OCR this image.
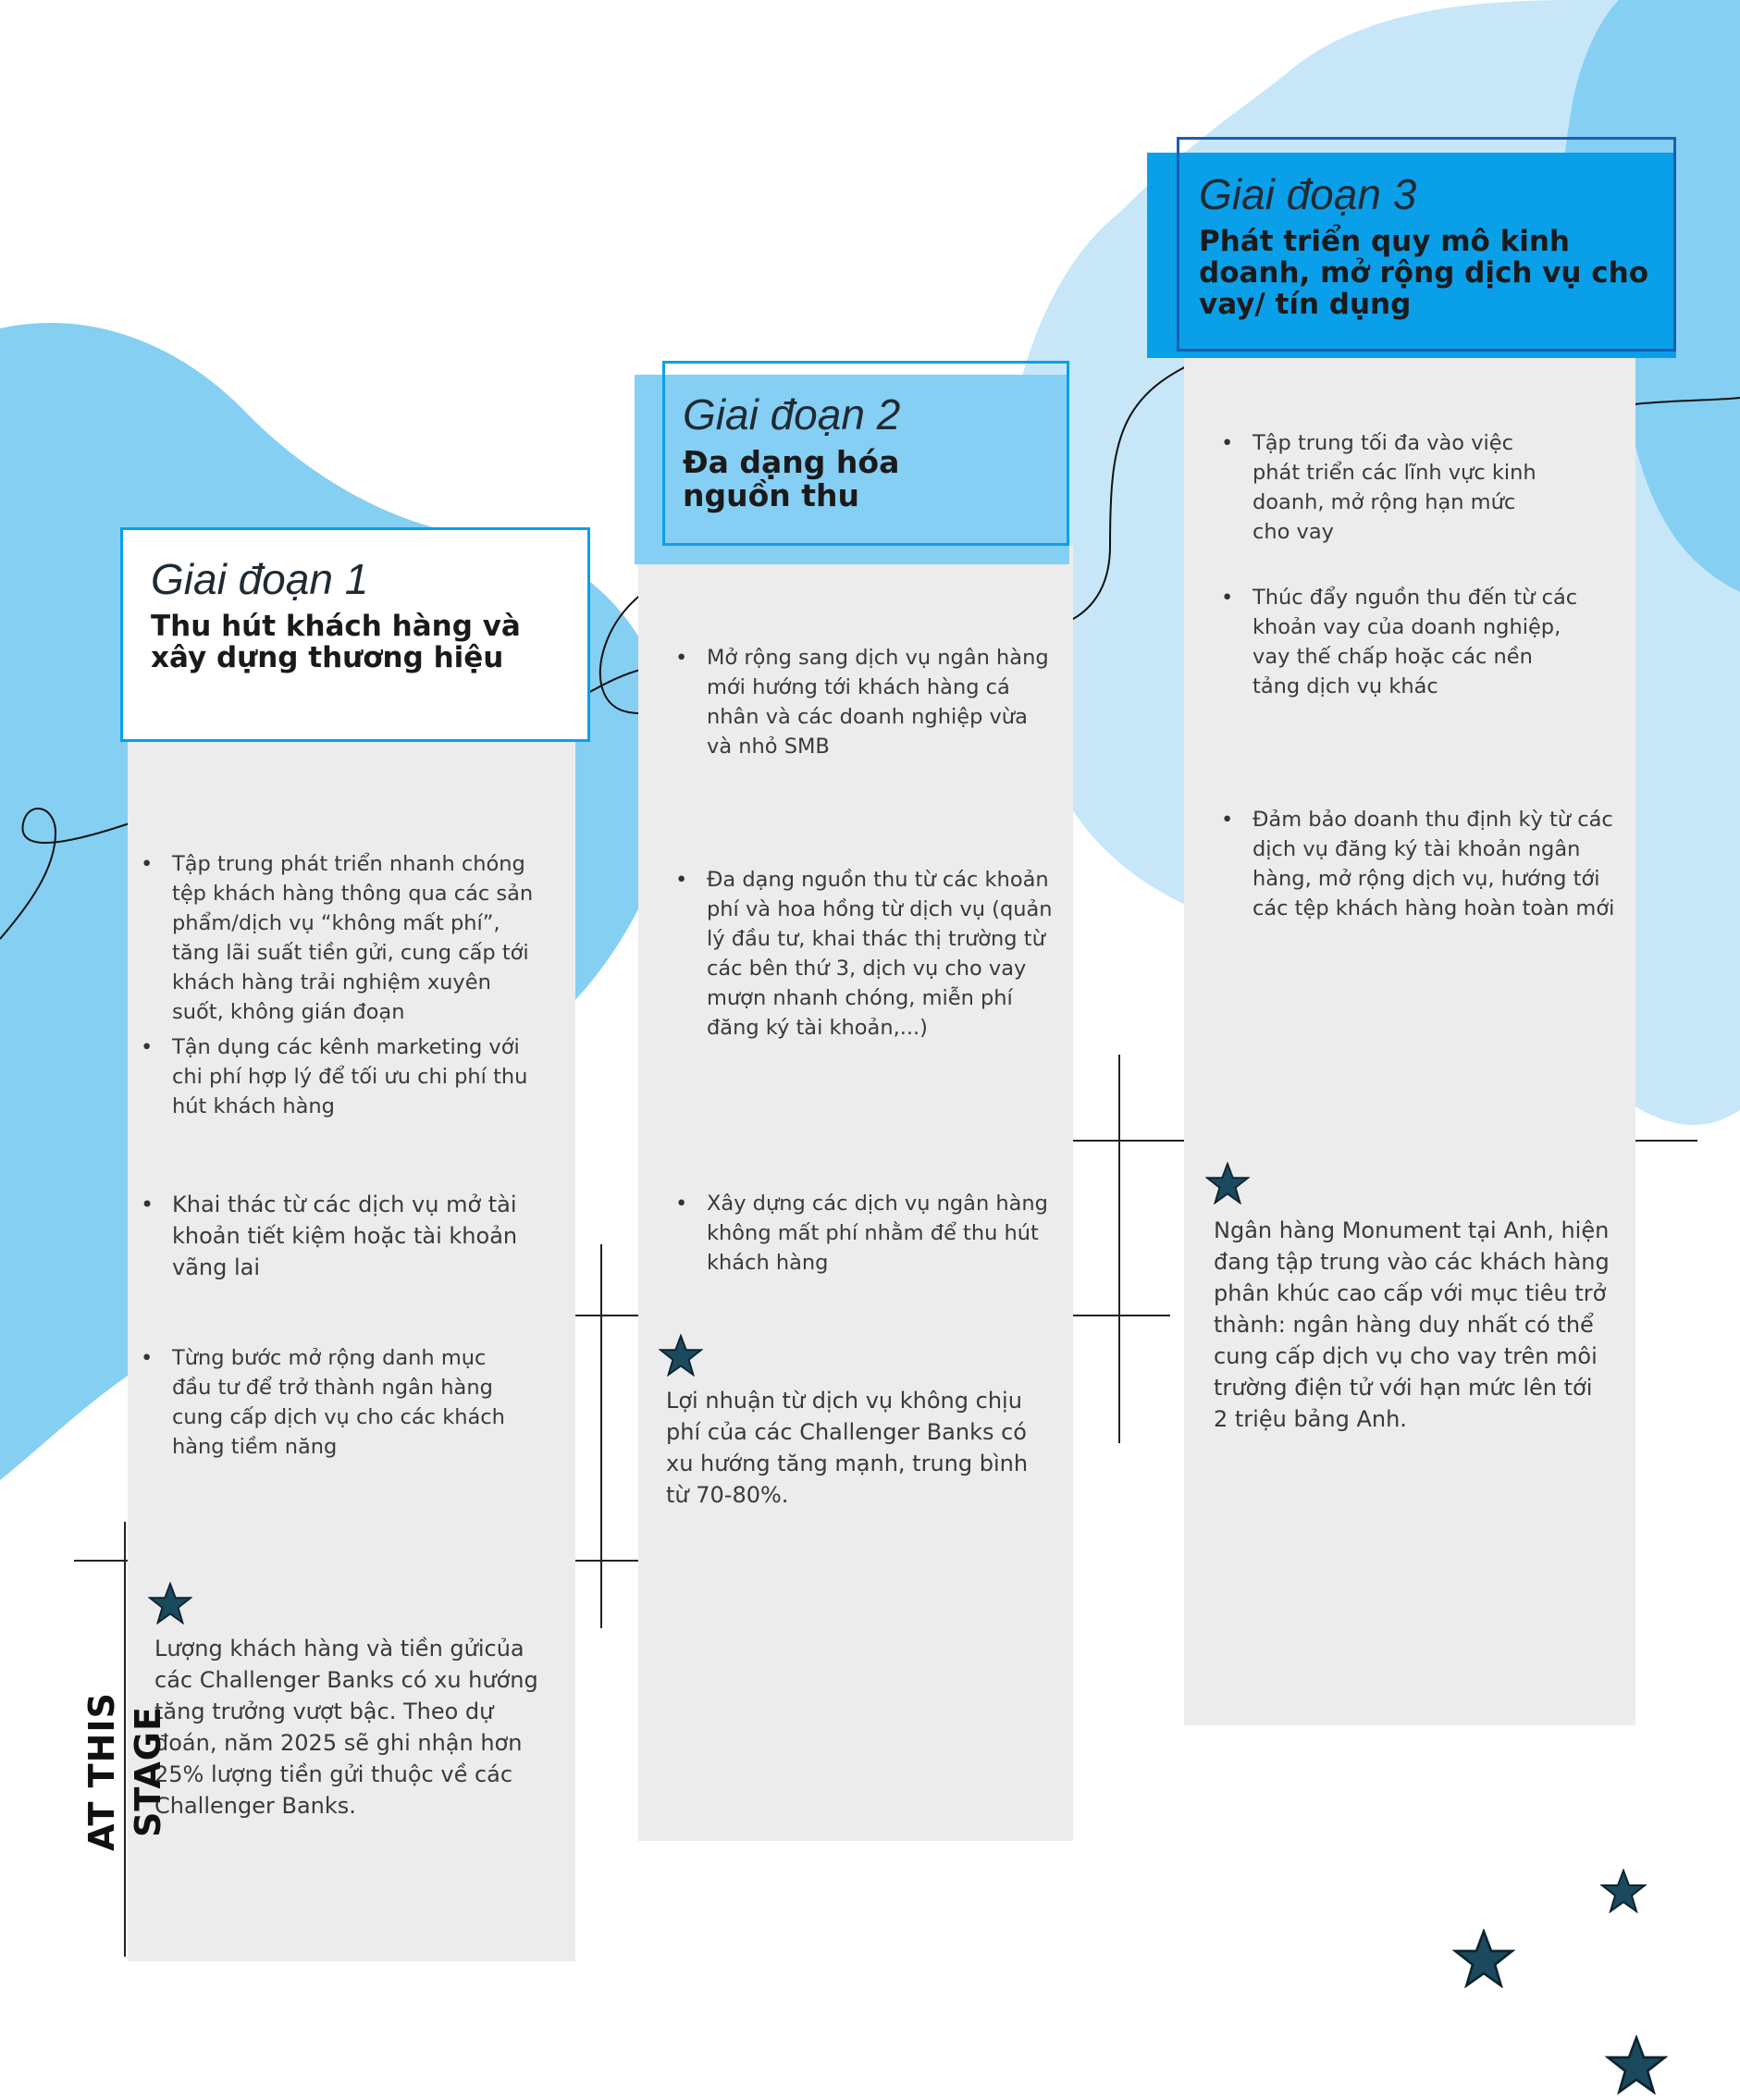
Giai đoạn 1
Thu hút khách hàng và xây dựng thương hiệu
Giai đoạn 2
Đa dạng hóa nguồn thu
Giai đoạn 3
Phát triển quy mô kinh doanh, mở rộng dịch vụ cho vay/ tín dụng
• Tập trung phát triển nhanh chóng tệp khách hàng thông qua các sản phẩm/dịch vụ “không mất phí”, tăng lãi suất tiền gửi, cung cấp tới khách hàng trải nghiệm xuyên suốt, không gián đoạn
• Tận dụng các kênh marketing với chi phí hợp lý để tối ưu chi phí thu hút khách hàng
• Khai thác từ các dịch vụ mở tài khoản tiết kiệm hoặc tài khoản vãng lai
• Từng bước mở rộng danh mục đầu tư để trở thành ngân hàng cung cấp dịch vụ cho các khách hàng tiềm năng
• Mở rộng sang dịch vụ ngân hàng mới hướng tới khách hàng cá nhân và các doanh nghiệp vừa và nhỏ SMB
• Đa dạng nguồn thu từ các khoản phí và hoa hồng từ dịch vụ (quản lý đầu tư, khai thác thị trường từ các bên thứ 3, dịch vụ cho vay mượn nhanh chóng, miễn phí đăng ký tài khoản,...)
• Xây dựng các dịch vụ ngân hàng không mất phí nhằm để thu hút khách hàng
• Tập trung tối đa vào việc phát triển các lĩnh vực kinh doanh, mở rộng hạn mức cho vay
• Thúc đẩy nguồn thu đến từ các khoản vay của doanh nghiệp, vay thế chấp hoặc các nền tảng dịch vụ khác
• Đảm bảo doanh thu định kỳ từ các dịch vụ đăng ký tài khoản ngân hàng, mở rộng dịch vụ, hướng tới các tệp khách hàng hoàn toàn mới
Lượng khách hàng và tiền gửicủa các Challenger Banks có xu hướng tăng trưởng vượt bậc. Theo dự đoán, năm 2025 sẽ ghi nhận hơn 25% lượng tiền gửi thuộc về các Challenger Banks.
Lợi nhuận từ dịch vụ không chịu phí của các Challenger Banks có xu hướng tăng mạnh, trung bình từ 70-80%.
Ngân hàng Monument tại Anh, hiện đang tập trung vào các khách hàng phân khúc cao cấp với mục tiêu trở thành: ngân hàng duy nhất có thể cung cấp dịch vụ cho vay trên môi trường điện tử với hạn mức lên tới 2 triệu bảng Anh.
AT THIS STAGE
